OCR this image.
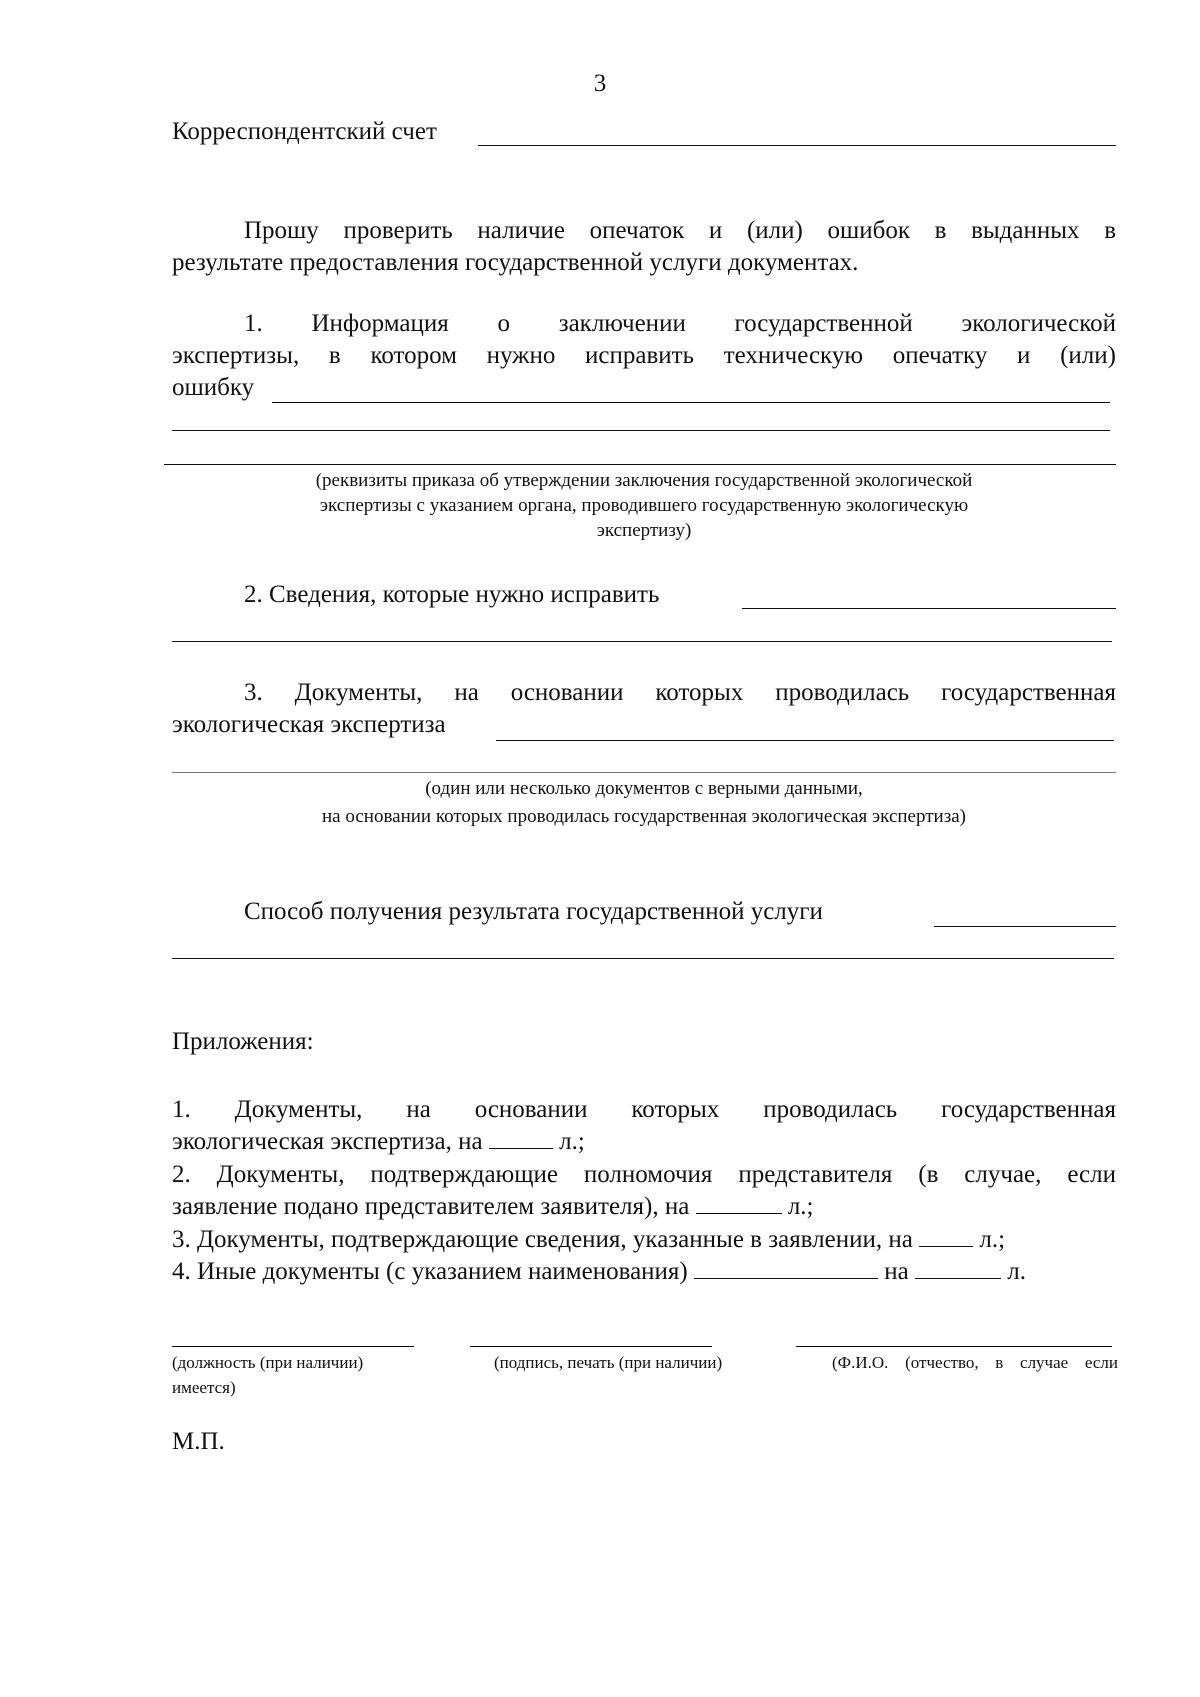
3
Корреспондентский счет
Прошу проверить наличие опечаток и (или) ошибок в выданных в
результате предоставления государственной услуги документах.
1. Информация о заключении государственной экологической
экспертизы, в котором нужно исправить техническую опечатку и (или)
ошибку
(реквизиты приказа об утверждении заключения государственной экологической
экспертизы с указанием органа, проводившего государственную экологическую
экспертизу)
2. Сведения, которые нужно исправить
3. Документы, на основании которых проводилась государственная
экологическая экспертиза
(один или несколько документов с верными данными,
на основании которых проводилась государственная экологическая экспертиза)
Способ получения результата государственной услуги
Приложения:
1. Документы, на основании которых проводилась государственная
экологическая экспертиза, на	л.;
2. Документы, подтверждающие полномочия представителя (в случае, если
заявление подано представителем заявителя), на	л.;
3. Документы, подтверждающие сведения, указанные в заявлении, на	л.;
4. Иные документы (с указанием наименования)	на	л.
(должность (при наличии)
имеется)
(подпись, печать (при наличии)	(Ф.И.О. (отчество, в случае если
М.П.
